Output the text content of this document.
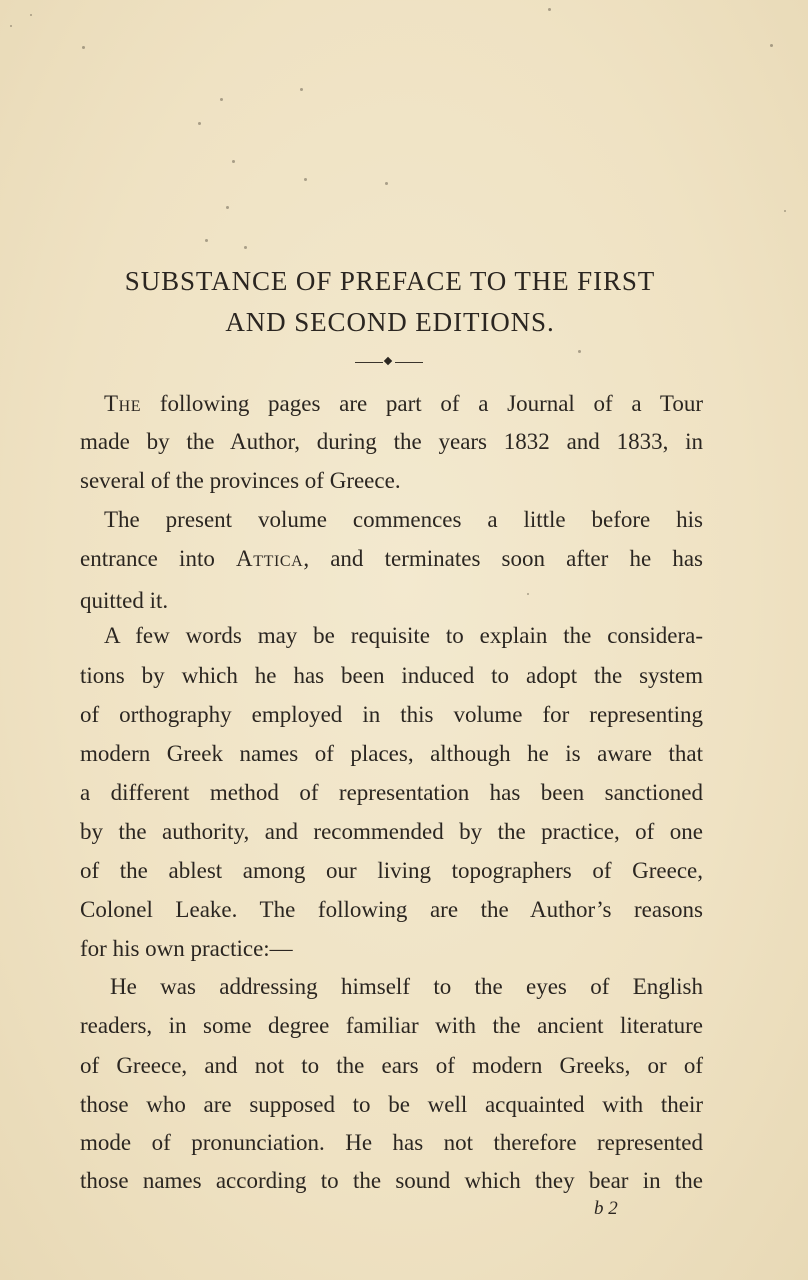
SUBSTANCE OF PREFACE TO THE FIRST
AND SECOND EDITIONS.
The following pages are part of a Journal of a Tour
made by the Author, during the years 1832 and 1833, in
several of the provinces of Greece.
The present volume commences a little before his
entrance into Attica, and terminates soon after he has
quitted it.
A few words may be requisite to explain the considera-
tions by which he has been induced to adopt the system
of orthography employed in this volume for representing
modern Greek names of places, although he is aware that
a different method of representation has been sanctioned
by the authority, and recommended by the practice, of one
of the ablest among our living topographers of Greece,
Colonel Leake. The following are the Author’s reasons
for his own practice:—
He was addressing himself to the eyes of English
readers, in some degree familiar with the ancient literature
of Greece, and not to the ears of modern Greeks, or of
those who are supposed to be well acquainted with their
mode of pronunciation. He has not therefore represented
those names according to the sound which they bear in the
b 2
